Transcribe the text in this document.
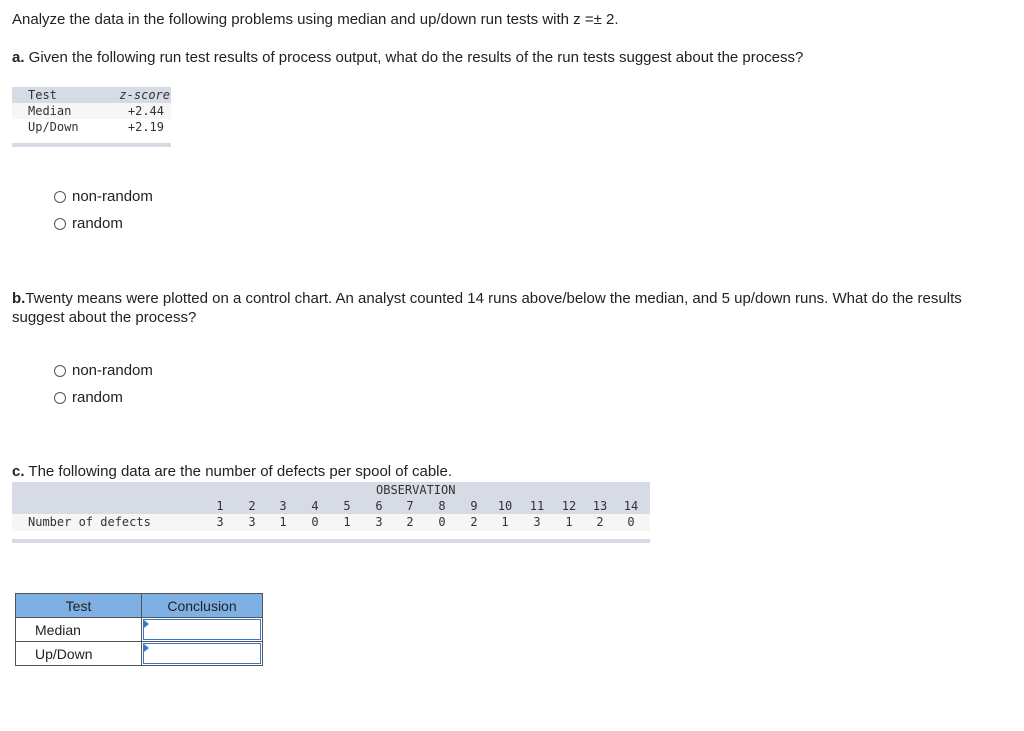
Analyze the data in the following problems using median and up/down run tests with z =± 2.
a. Given the following run test results of process output, what do the results of the run tests suggest about the process?
Test	z-score
Median	+2.44
Up/Down	+2.19
non-random
random
b.Twenty means were plotted on a control chart. An analyst counted 14 runs above/below the median, and 5 up/down runs. What do the results suggest about the process?
non-random
random
c. The following data are the number of defects per spool of cable.
OBSERVATION
1	2	3	4	5	6	7	8	9	10 11 12 13 14
Number of defects	3	3	1	0	1	3	2	0	2	1	3	1	2	0
Test	Conclusion
Median	

Up/Down	
